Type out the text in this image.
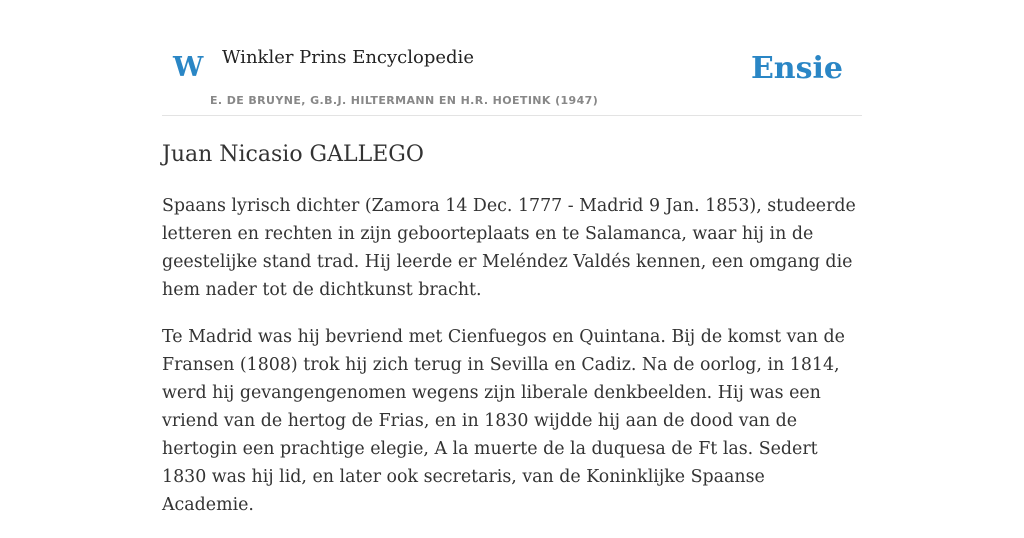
W Winkler Prins Encyclopedie
E. DE BRUYNE, G.B.J. HILTERMANN EN H.R. HOETINK (1947)
Ensie
Juan Nicasio GALLEGO

Spaans lyrisch dichter (Zamora 14 Dec. 1777 - Madrid 9 Jan. 1853), studeerde letteren en rechten in zijn geboorteplaats en te Salamanca, waar hij in de geestelijke stand trad. Hij leerde er Meléndez Valdés kennen, een omgang die hem nader tot de dichtkunst bracht.

Te Madrid was hij bevriend met Cienfuegos en Quintana. Bij de komst van de Fransen (1808) trok hij zich terug in Sevilla en Cadiz. Na de oorlog, in 1814, werd hij gevangengenomen wegens zijn liberale denkbeelden. Hij was een vriend van de hertog de Frias, en in 1830 wijdde hij aan de dood van de hertogin een prachtige elegie, A la muerte de la duquesa de Ft las. Sedert 1830 was hij lid, en later ook secretaris, van de Koninklijke Spaanse Academie.
